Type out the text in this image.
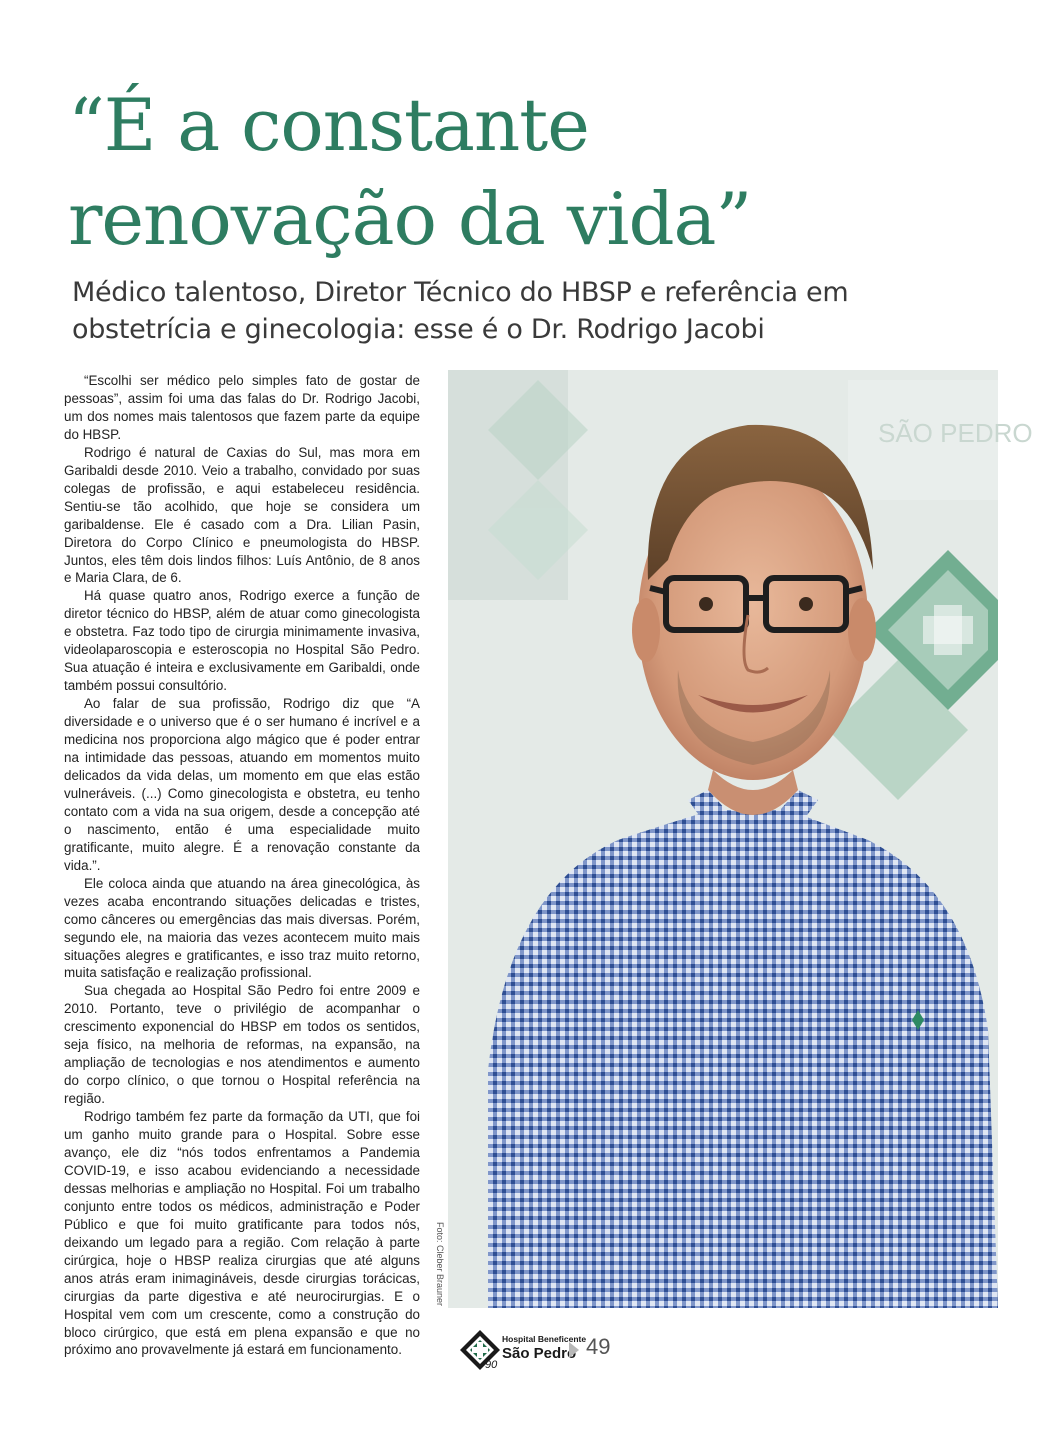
“É a constante
renovação da vida”
Médico talentoso, Diretor Técnico do HBSP e referência em
obstetrícia e ginecologia: esse é o Dr. Rodrigo Jacobi

“Escolhi ser médico pelo simples fato de gostar de pessoas”, assim foi uma das falas do Dr. Rodrigo Jacobi, um dos nomes mais talentosos que fazem parte da equipe do HBSP.

Rodrigo é natural de Caxias do Sul, mas mora em Garibaldi desde 2010. Veio a trabalho, convidado por suas colegas de profissão, e aqui estabeleceu residência. Sentiu-se tão acolhido, que hoje se considera um garibaldense. Ele é casado com a Dra. Lilian Pasin, Diretora do Corpo Clínico e pneumologista do HBSP. Juntos, eles têm dois lindos filhos: Luís Antônio, de 8 anos e Maria Clara, de 6.

Há quase quatro anos, Rodrigo exerce a função de diretor técnico do HBSP, além de atuar como ginecologista e obstetra. Faz todo tipo de cirurgia minimamente invasiva, videolaparoscopia e esteroscopia no Hospital São Pedro. Sua atuação é inteira e exclusivamente em Garibaldi, onde também possui consultório.

Ao falar de sua profissão, Rodrigo diz que “A diversidade e o universo que é o ser humano é incrível e a medicina nos proporciona algo mágico que é poder entrar na intimidade das pessoas, atuando em momentos muito delicados da vida delas, um momento em que elas estão vulneráveis. (...) Como ginecologista e obstetra, eu tenho contato com a vida na sua origem, desde a concepção até o nascimento, então é uma especialidade muito gratificante, muito alegre. É a renovação constante da vida.”.

Ele coloca ainda que atuando na área ginecológica, às vezes acaba encontrando situações delicadas e tristes, como cânceres ou emergências das mais diversas. Porém, segundo ele, na maioria das vezes acontecem muito mais situações alegres e gratificantes, e isso traz muito retorno, muita satisfação e realização profissional.

Sua chegada ao Hospital São Pedro foi entre 2009 e 2010. Portanto, teve o privilégio de acompanhar o crescimento exponencial do HBSP em todos os sentidos, seja físico, na melhoria de reformas, na expansão, na ampliação de tecnologias e nos atendimentos e aumento do corpo clínico, o que tornou o Hospital referência na região.

Rodrigo também fez parte da formação da UTI, que foi um ganho muito grande para o Hospital. Sobre esse avanço, ele diz “nós todos enfrentamos a Pandemia COVID-19, e isso acabou evidenciando a necessidade dessas melhorias e ampliação no Hospital. Foi um trabalho conjunto entre todos os médicos, administração e Poder Público e que foi muito gratificante para todos nós, deixando um legado para a região. Com relação à parte cirúrgica, hoje o HBSP realiza cirurgias que até alguns anos atrás eram inimagináveis, desde cirurgias torácicas, cirurgias da parte digestiva e até neurocirurgias. E o Hospital vem com um crescente, como a construção do bloco cirúrgico, que está em plena expansão e que no próximo ano provavelmente já estará em funcionamento.

SÃO PEDRO
Foto: Cleber Brauner
90
Hospital Beneficente
São Pedro 49
